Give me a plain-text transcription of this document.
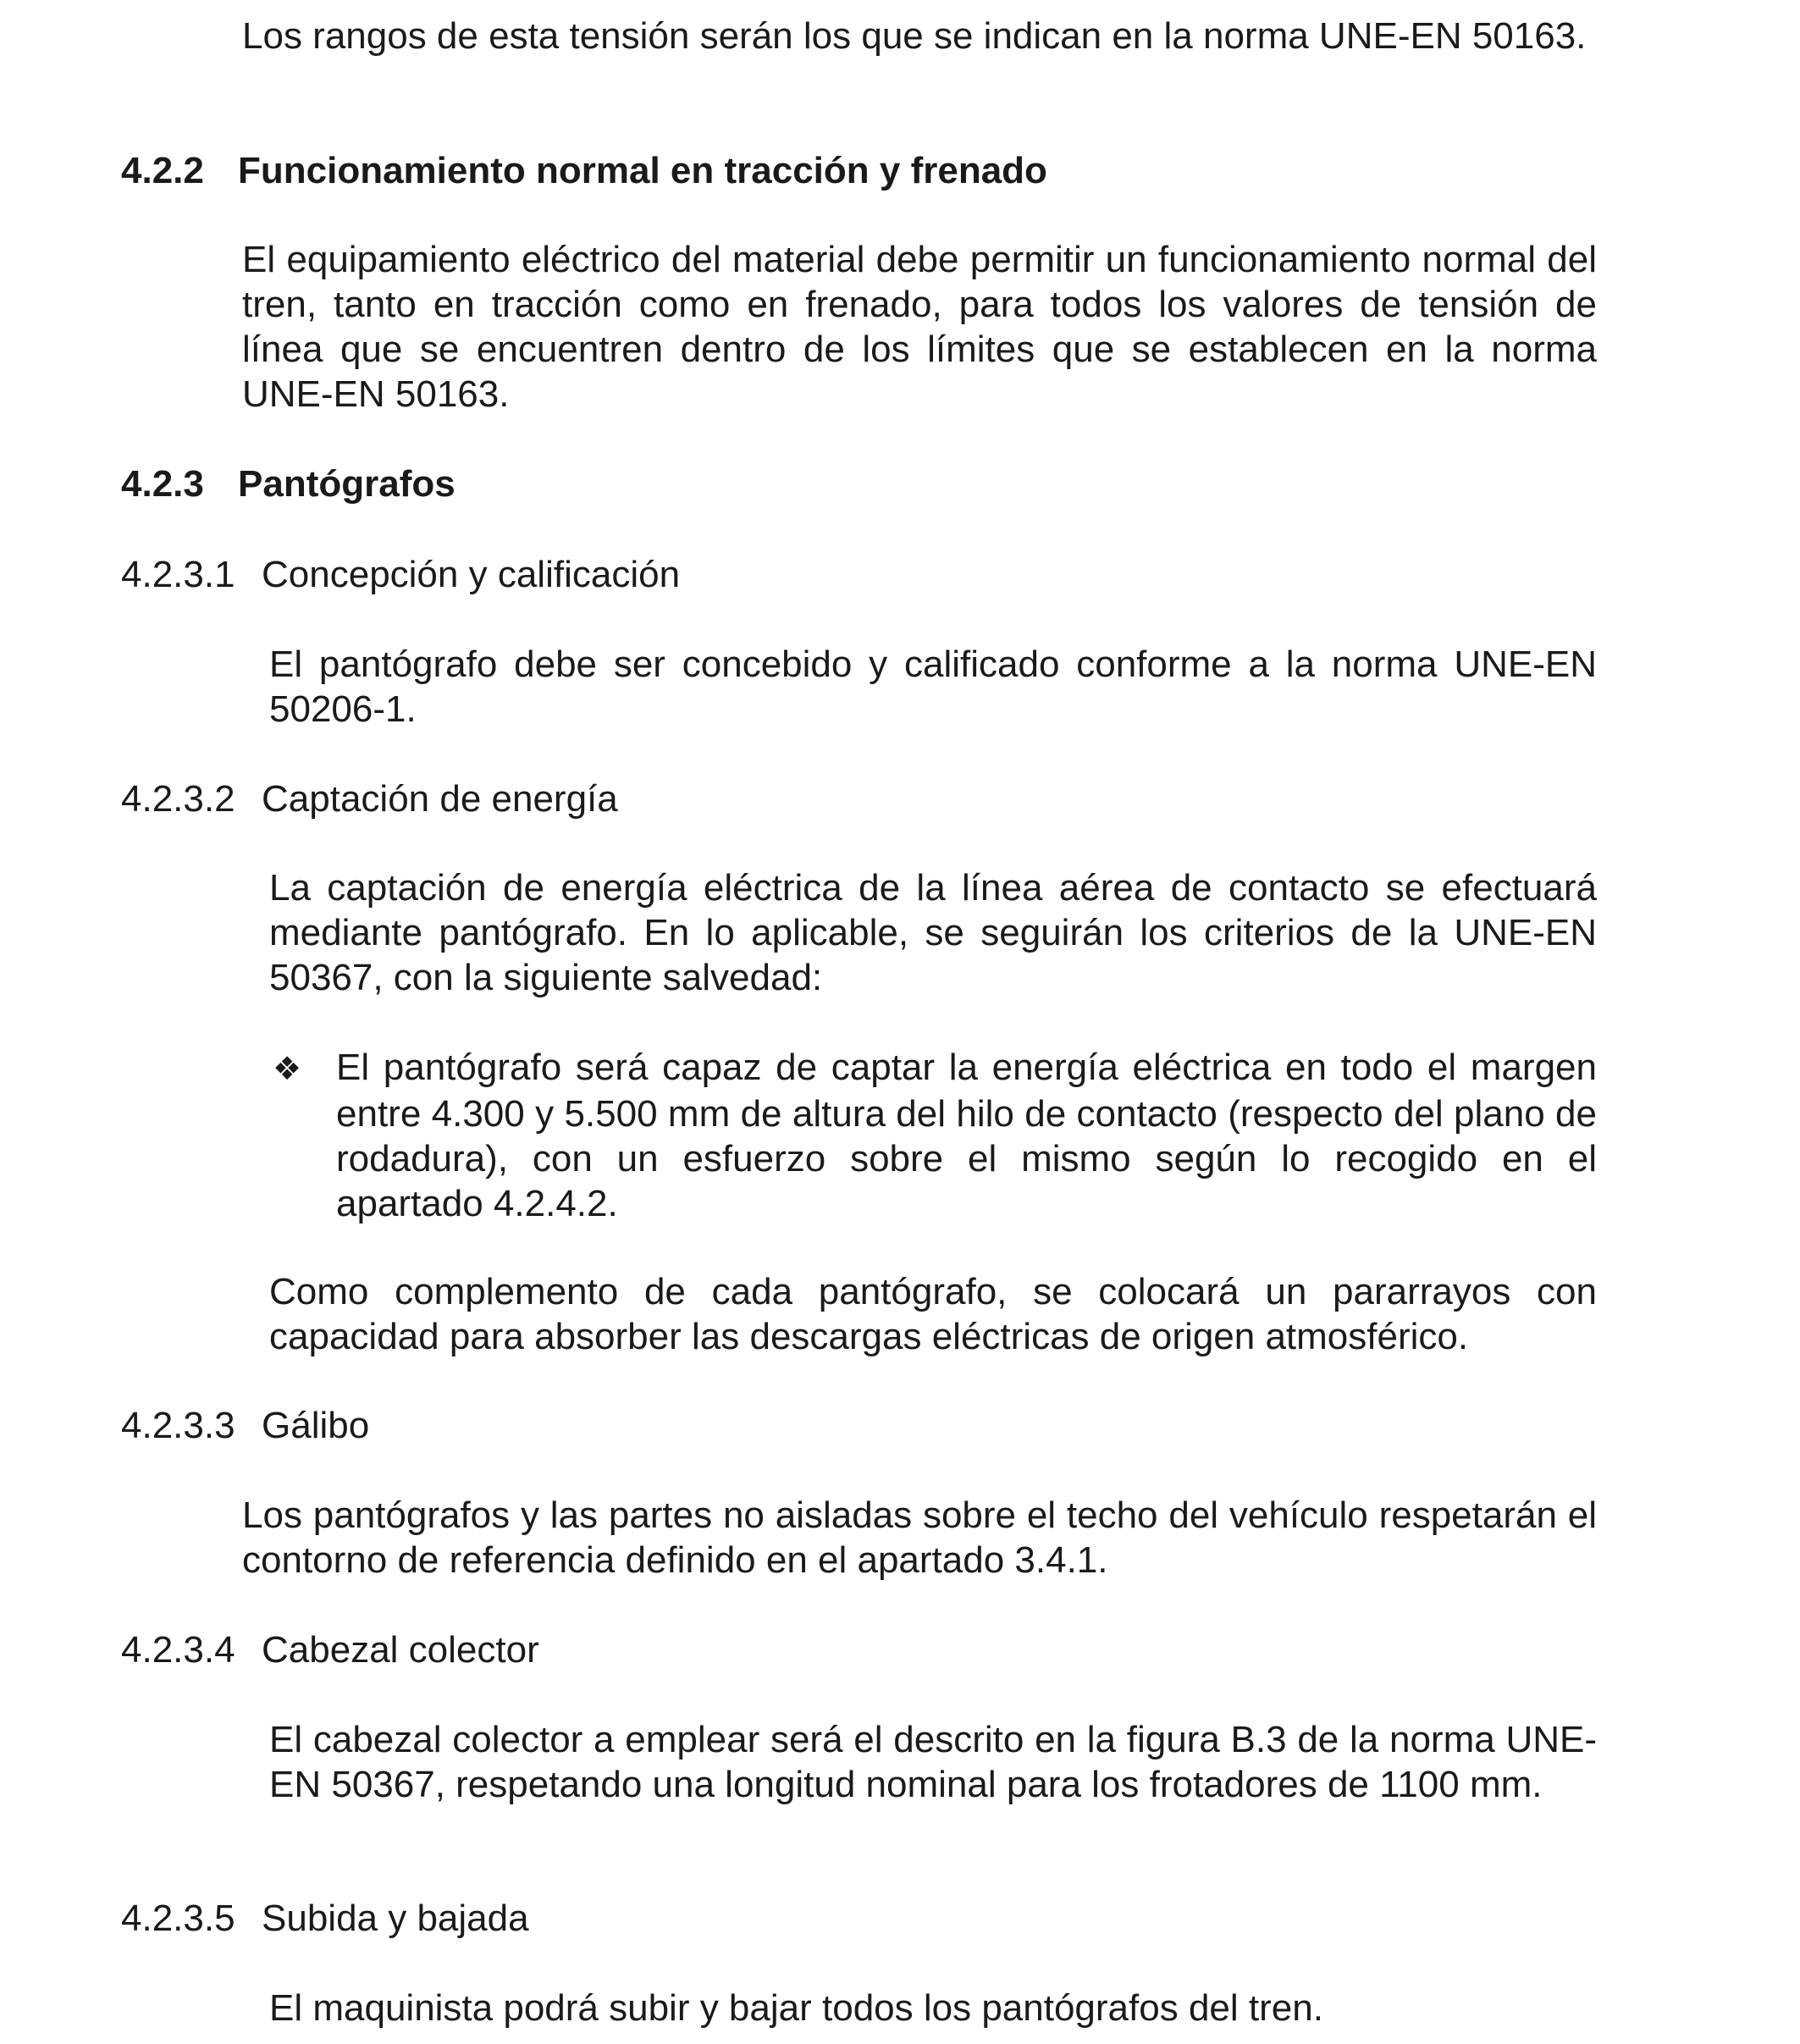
Los rangos de esta tensión serán los que se indican en la norma UNE-EN 50163.

4.2.2 Funcionamiento normal en tracción y frenado

El equipamiento eléctrico del material debe permitir un funcionamiento normal del tren, tanto en tracción como en frenado, para todos los valores de tensión de línea que se encuentren dentro de los límites que se establecen en la norma UNE-EN 50163.

4.2.3 Pantógrafos
4.2.3.1 Concepción y calificación

El pantógrafo debe ser concebido y calificado conforme a la norma UNE-EN 50206-1.

4.2.3.2 Captación de energía

La captación de energía eléctrica de la línea aérea de contacto se efectuará mediante pantógrafo. En lo aplicable, se seguirán los criterios de la UNE-EN 50367, con la siguiente salvedad:

❖ El pantógrafo será capaz de captar la energía eléctrica en todo el margen entre 4.300 y 5.500 mm de altura del hilo de contacto (respecto del plano de rodadura), con un esfuerzo sobre el mismo según lo recogido en el apartado 4.2.4.2.

Como complemento de cada pantógrafo, se colocará un pararrayos con capacidad para absorber las descargas eléctricas de origen atmosférico.

4.2.3.3 Gálibo

Los pantógrafos y las partes no aisladas sobre el techo del vehículo respetarán el contorno de referencia definido en el apartado 3.4.1.

4.2.3.4 Cabezal colector

El cabezal colector a emplear será el descrito en la figura B.3 de la norma UNE-EN 50367, respetando una longitud nominal para los frotadores de 1100 mm.

4.2.3.5 Subida y bajada

El maquinista podrá subir y bajar todos los pantógrafos del tren.
